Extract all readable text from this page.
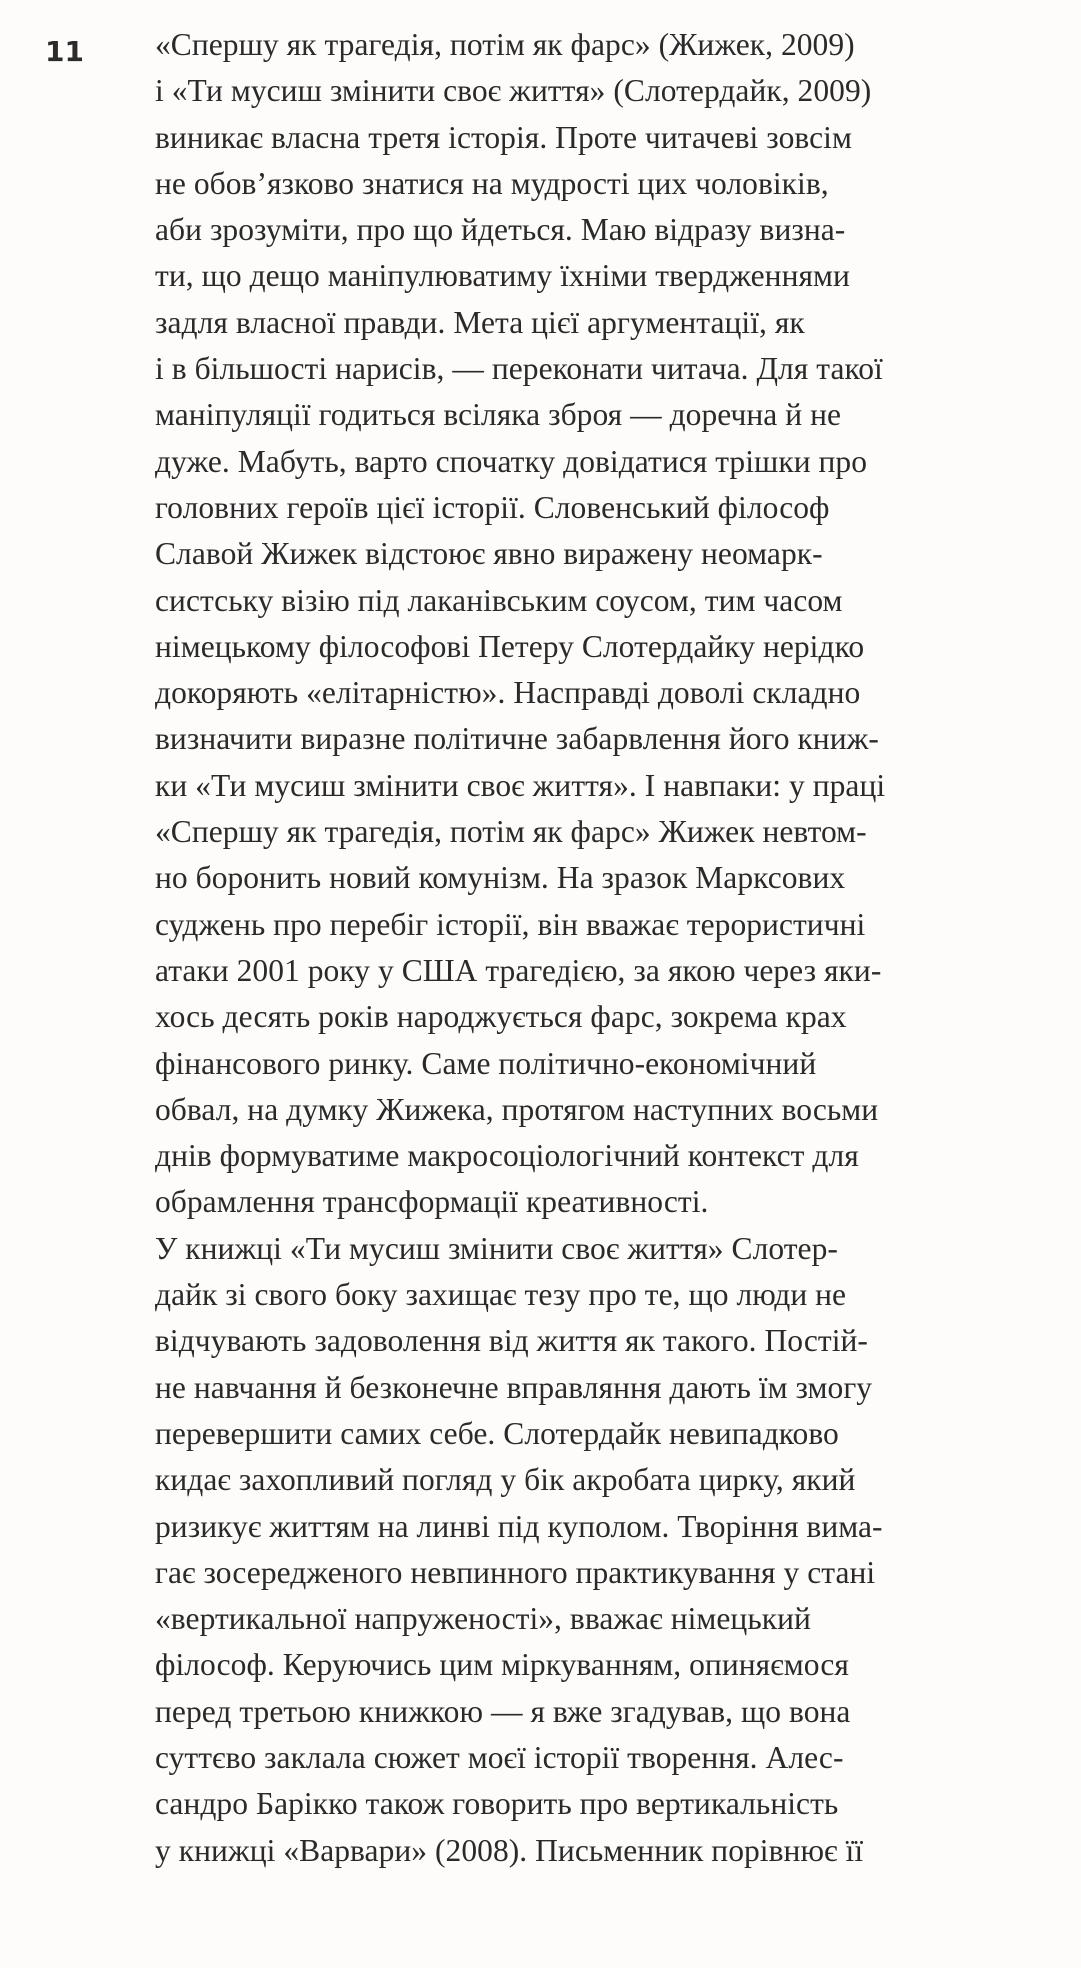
11 «Спершу як трагедія, потім як фарс» (Жижек, 2009)
і «Ти мусиш змінити своє життя» (Слотердайк, 2009)
виникає власна третя історія. Проте читачеві зовсім
не обов’язково знатися на мудрості цих чоловіків,
аби зрозуміти, про що йдеться. Маю відразу визна-
ти, що дещо маніпулюватиму їхніми твердженнями
задля власної правди. Мета цієї аргументації, як
і в більшості нарисів, — переконати читача. Для такої
маніпуляції годиться всіляка зброя — доречна й не
дуже. Мабуть, варто спочатку довідатися трішки про
головних героїв цієї історії. Словенський філософ
Славой Жижек відстоює явно виражену неомарк-
систську візію під лаканівським соусом, тим часом
німецькому філософові Петеру Слотердайку нерідко
докоряють «елітарністю». Насправді доволі складно
визначити виразне політичне забарвлення його книж-
ки «Ти мусиш змінити своє життя». І навпаки: у праці
«Спершу як трагедія, потім як фарс» Жижек невтом-
но боронить новий комунізм. На зразок Марксових
суджень про перебіг історії, він вважає терористичні
атаки 2001 року у США трагедією, за якою через яки-
хось десять років народжується фарс, зокрема крах
фінансового ринку. Саме політично-економічний
обвал, на думку Жижека, протягом наступних восьми
днів формуватиме макросоціологічний контекст для
обрамлення трансформації креативності.
У книжці «Ти мусиш змінити своє життя» Слотер-
дайк зі свого боку захищає тезу про те, що люди не
відчувають задоволення від життя як такого. Постій-
не навчання й безконечне вправляння дають їм змогу
перевершити самих себе. Слотердайк невипадково
кидає захопливий погляд у бік акробата цирку, який
ризикує життям на линві під куполом. Творіння вима-
гає зосередженого невпинного практикування у стані
«вертикальної напруженості», вважає німецький
філософ. Керуючись цим міркуванням, опиняємося
перед третьою книжкою — я вже згадував, що вона
суттєво заклала сюжет моєї історії творення. Алес-
сандро Барікко також говорить про вертикальність
у книжці «Варвари» (2008). Письменник порівнює її
